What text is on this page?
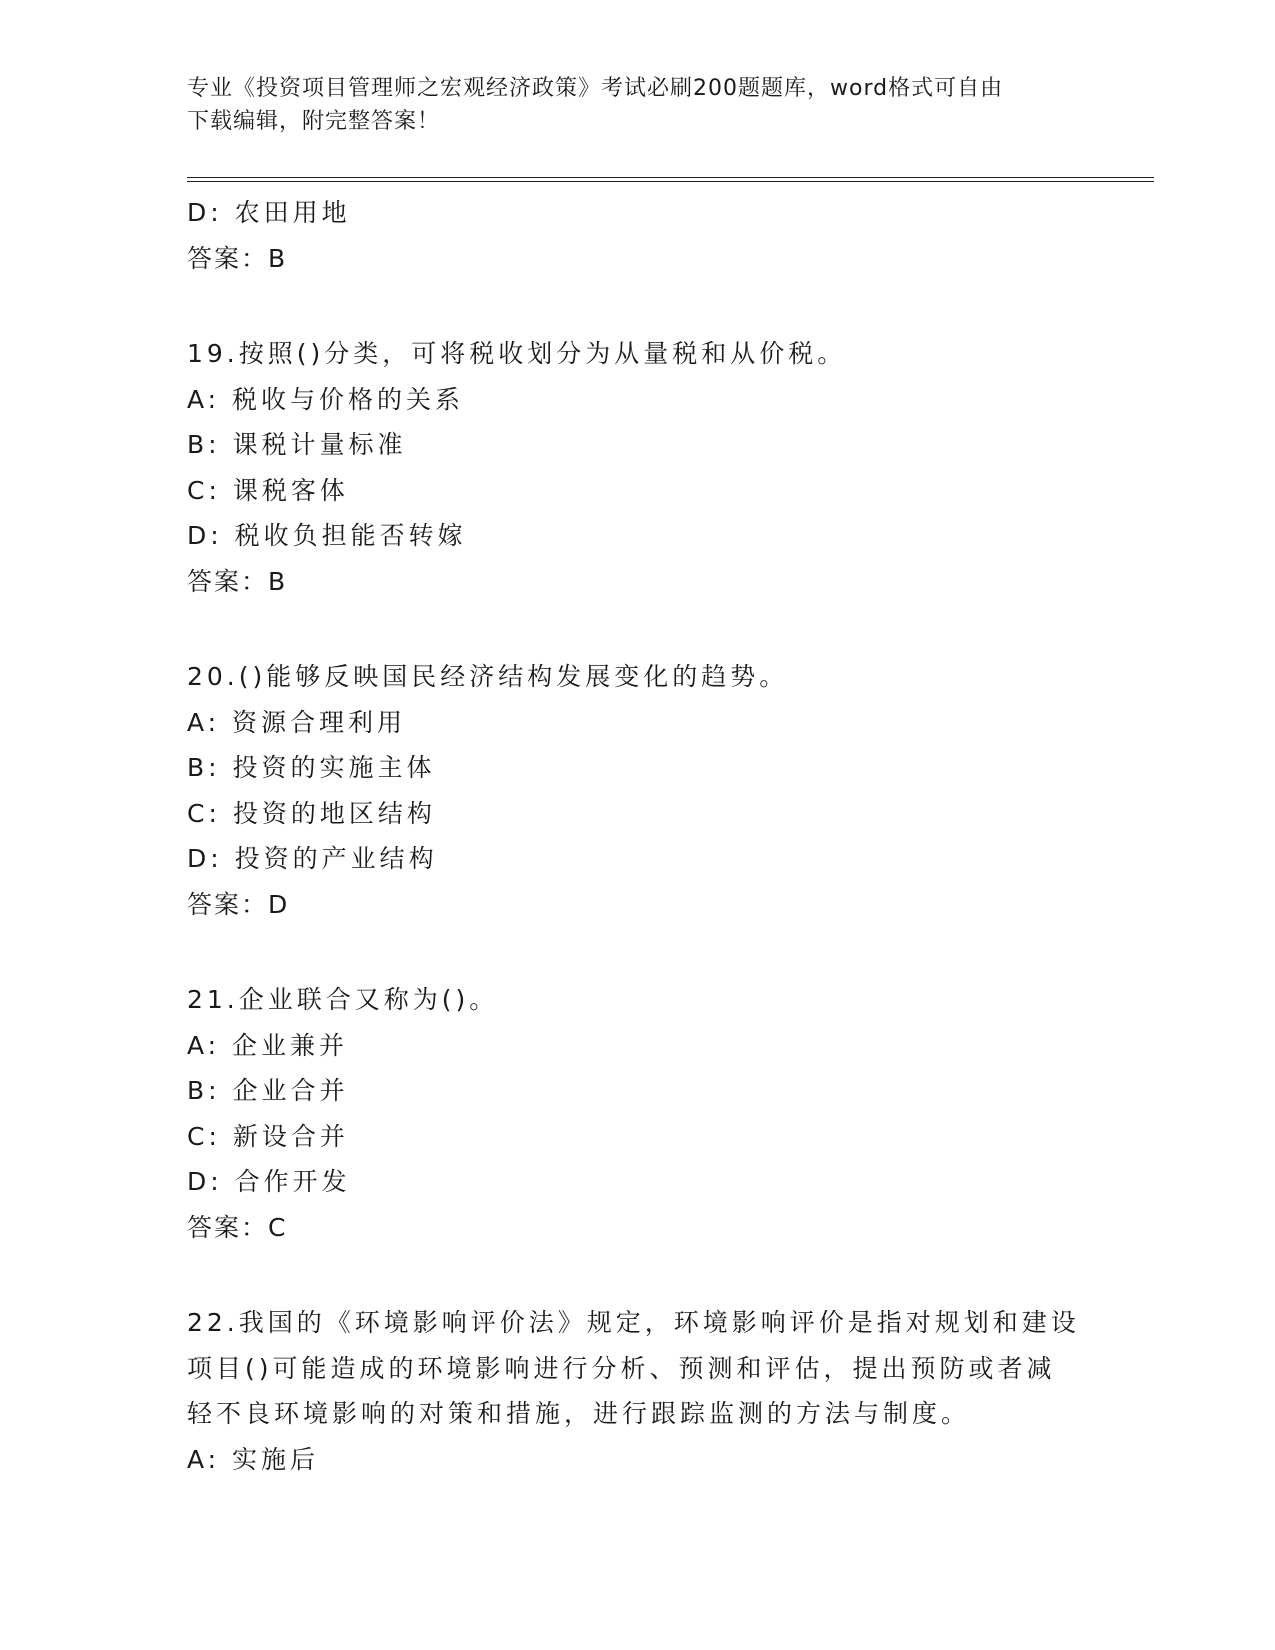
专业《投资项目管理师之宏观经济政策》考试必刷200题题库，word格式可自由
下载编辑，附完整答案！
D: 农田用地
答案：B
19.按照()分类，可将税收划分为从量税和从价税。
A: 税收与价格的关系
B: 课税计量标准
C: 课税客体
D: 税收负担能否转嫁
答案：B
20.()能够反映国民经济结构发展变化的趋势。
A: 资源合理利用
B: 投资的实施主体
C: 投资的地区结构
D: 投资的产业结构
答案：D
21.企业联合又称为()。
A: 企业兼并
B: 企业合并
C: 新设合并
D: 合作开发
答案：C
22.我国的《环境影响评价法》规定，环境影响评价是指对规划和建设
项目()可能造成的环境影响进行分析、预测和评估，提出预防或者减
轻不良环境影响的对策和措施，进行跟踪监测的方法与制度。
A: 实施后
